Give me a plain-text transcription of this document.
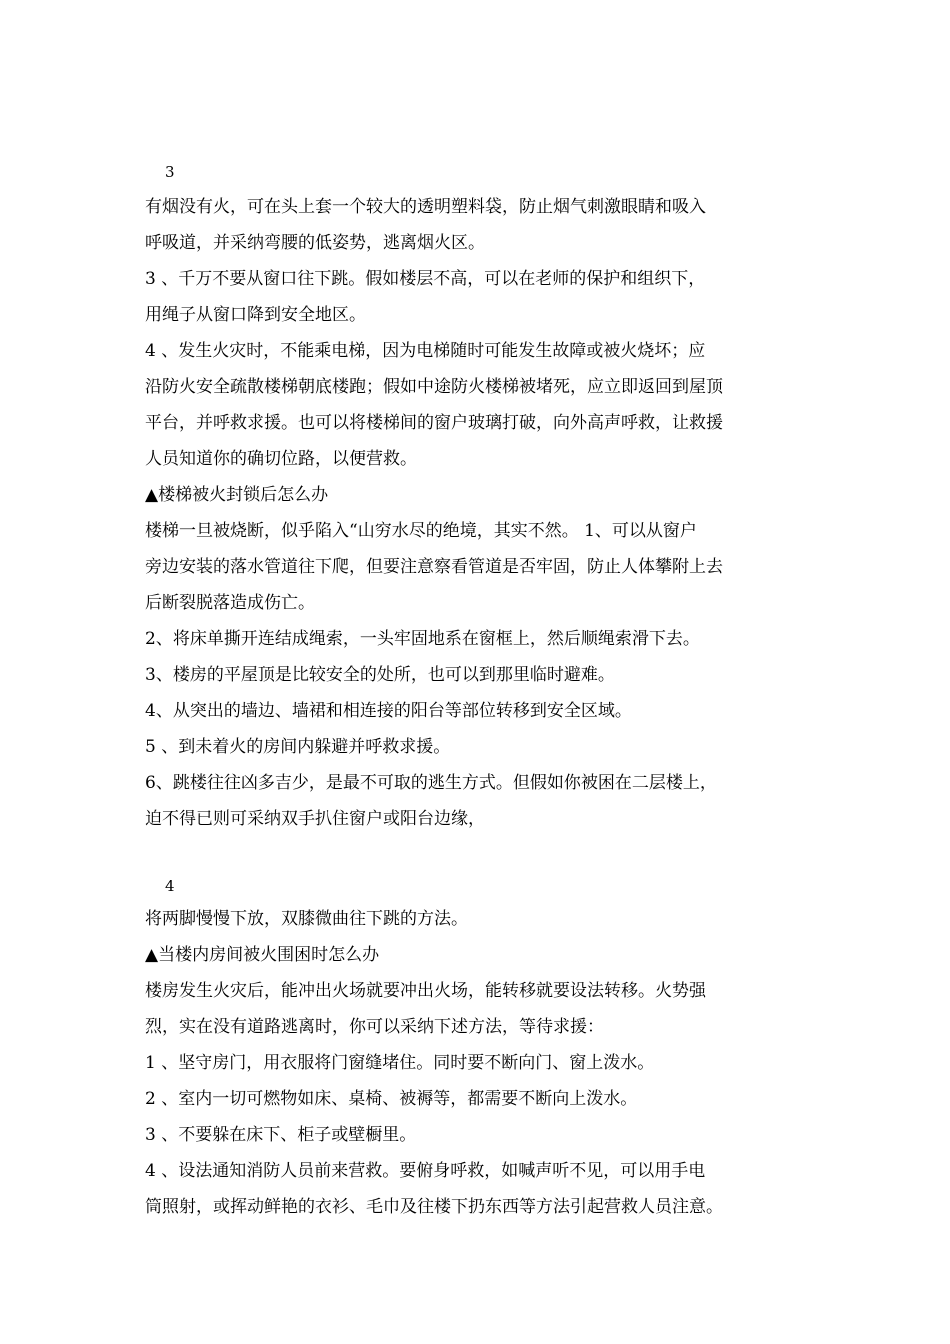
3
有烟没有火，可在头上套一个较大的透明塑料袋，防止烟气刺激眼睛和吸入
呼吸道，并采纳弯腰的低姿势，逃离烟火区。
3 、千万不要从窗口往下跳。假如楼层不高，可以在老师的保护和组织下，
用绳子从窗口降到安全地区。
4 、发生火灾时，不能乘电梯，因为电梯随时可能发生故障或被火烧坏；应
沿防火安全疏散楼梯朝底楼跑；假如中途防火楼梯被堵死，应立即返回到屋顶
平台，并呼救求援。也可以将楼梯间的窗户玻璃打破，向外高声呼救，让救援
人员知道你的确切位路，以便营救。
▲楼梯被火封锁后怎么办
楼梯一旦被烧断，似乎陷入“山穷水尽的绝境，其实不然。 1、可以从窗户
旁边安装的落水管道往下爬，但要注意察看管道是否牢固，防止人体攀附上去
后断裂脱落造成伤亡。
2、将床单撕开连结成绳索，一头牢固地系在窗框上，然后顺绳索滑下去。
3、楼房的平屋顶是比较安全的处所，也可以到那里临时避难。
4、从突出的墙边、墙裙和相连接的阳台等部位转移到安全区域。
5 、到未着火的房间内躲避并呼救求援。
6、跳楼往往凶多吉少，是最不可取的逃生方式。但假如你被困在二层楼上，
迫不得已则可采纳双手扒住窗户或阳台边缘，
4
将两脚慢慢下放，双膝微曲往下跳的方法。
▲当楼内房间被火围困时怎么办
楼房发生火灾后，能冲出火场就要冲出火场，能转移就要设法转移。火势强
烈，实在没有道路逃离时，你可以采纳下述方法，等待求援：
1 、坚守房门，用衣服将门窗缝堵住。同时要不断向门、窗上泼水。
2 、室内一切可燃物如床、桌椅、被褥等，都需要不断向上泼水。
3 、不要躲在床下、柜子或壁橱里。
4 、设法通知消防人员前来营救。要俯身呼救，如喊声听不见，可以用手电
筒照射，或挥动鲜艳的衣衫、毛巾及往楼下扔东西等方法引起营救人员注意。
